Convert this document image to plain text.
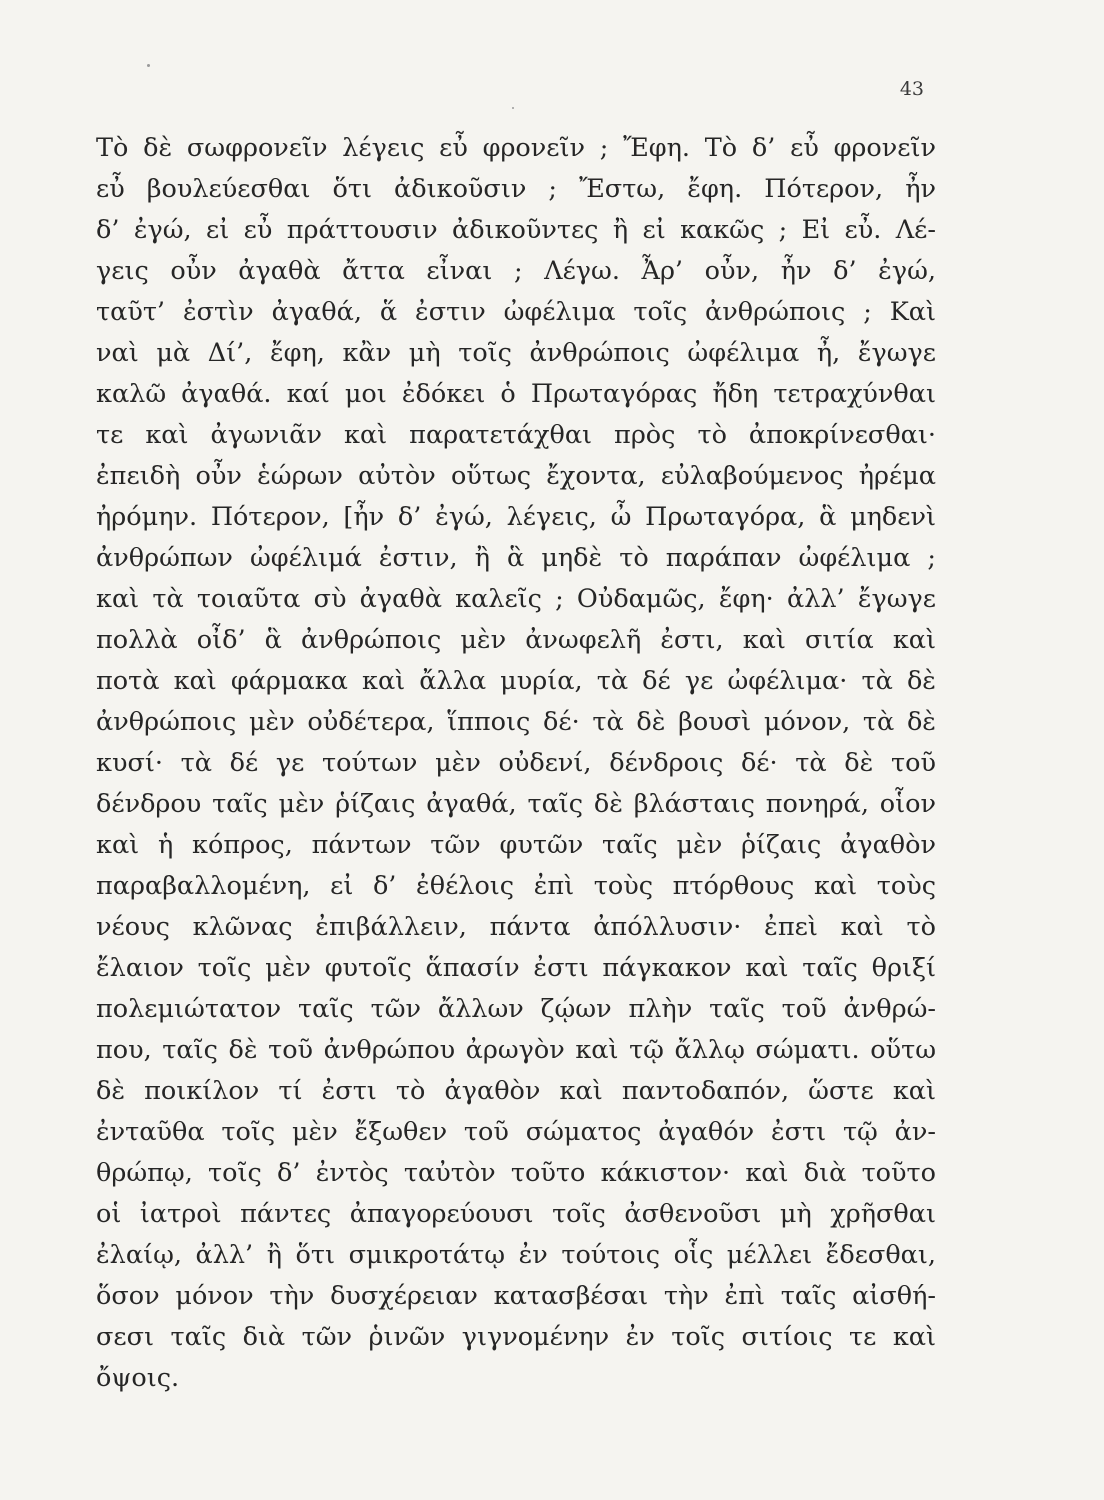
43
Τὸ δὲ σωφρονεῖν λέγεις εὖ φρονεῖν ; Ἔφη. Τὸ δ’ εὖ φρονεῖν
εὖ βουλεύεσθαι ὅτι ἀδικοῦσιν ; Ἔστω, ἔφη. Πότερον, ἦν
δ’ ἐγώ, εἰ εὖ πράττουσιν ἀδικοῦντες ἢ εἰ κακῶς ; Εἰ εὖ. Λέ-
γεις οὖν ἀγαθὰ ἄττα εἶναι ; Λέγω. Ἆρ’ οὖν, ἦν δ’ ἐγώ,
ταῦτ’ ἐστὶν ἀγαθά, ἅ ἐστιν ὠφέλιμα τοῖς ἀνθρώποις ; Καὶ
ναὶ μὰ Δί’, ἔφη, κἂν μὴ τοῖς ἀνθρώποις ὠφέλιμα ἦ, ἔγωγε
καλῶ ἀγαθά. καί μοι ἐδόκει ὁ Πρωταγόρας ἤδη τετραχύνθαι
τε καὶ ἀγωνιᾶν καὶ παρατετάχθαι πρὸς τὸ ἀποκρίνεσθαι·
ἐπειδὴ οὖν ἑώρων αὐτὸν οὕτως ἔχοντα, εὐλαβούμενος ἠρέμα
ἠρόμην. Πότερον, [ἦν δ’ ἐγώ, λέγεις, ὦ Πρωταγόρα, ἃ μηδενὶ
ἀνθρώπων ὠφέλιμά ἐστιν, ἢ ἃ μηδὲ τὸ παράπαν ὠφέλιμα ;
καὶ τὰ τοιαῦτα σὺ ἀγαθὰ καλεῖς ; Οὐδαμῶς, ἔφη· ἀλλ’ ἔγωγε
πολλὰ οἶδ’ ἃ ἀνθρώποις μὲν ἀνωφελῆ ἐστι, καὶ σιτία καὶ
ποτὰ καὶ φάρμακα καὶ ἄλλα μυρία, τὰ δέ γε ὠφέλιμα· τὰ δὲ
ἀνθρώποις μὲν οὐδέτερα, ἵπποις δέ· τὰ δὲ βουσὶ μόνον, τὰ δὲ
κυσί· τὰ δέ γε τούτων μὲν οὐδενί, δένδροις δέ· τὰ δὲ τοῦ
δένδρου ταῖς μὲν ῥίζαις ἀγαθά, ταῖς δὲ βλάσταις πονηρά, οἷον
καὶ ἡ κόπρος, πάντων τῶν φυτῶν ταῖς μὲν ῥίζαις ἀγαθὸν
παραβαλλομένη, εἰ δ’ ἐθέλοις ἐπὶ τοὺς πτόρθους καὶ τοὺς
νέους κλῶνας ἐπιβάλλειν, πάντα ἀπόλλυσιν· ἐπεὶ καὶ τὸ
ἔλαιον τοῖς μὲν φυτοῖς ἅπασίν ἐστι πάγκακον καὶ ταῖς θριξί
πολεμιώτατον ταῖς τῶν ἄλλων ζῴων πλὴν ταῖς τοῦ ἀνθρώ-
που, ταῖς δὲ τοῦ ἀνθρώπου ἀρωγὸν καὶ τῷ ἄλλῳ σώματι. οὕτω
δὲ ποικίλον τί ἐστι τὸ ἀγαθὸν καὶ παντοδαπόν, ὥστε καὶ
ἐνταῦθα τοῖς μὲν ἔξωθεν τοῦ σώματος ἀγαθόν ἐστι τῷ ἀν-
θρώπῳ, τοῖς δ’ ἐντὸς ταὐτὸν τοῦτο κάκιστον· καὶ διὰ τοῦτο
οἱ ἰατροὶ πάντες ἀπαγορεύουσι τοῖς ἀσθενοῦσι μὴ χρῆσθαι
ἐλαίῳ, ἀλλ’ ἢ ὅτι σμικροτάτῳ ἐν τούτοις οἷς μέλλει ἔδεσθαι,
ὅσον μόνον τὴν δυσχέρειαν κατασβέσαι τὴν ἐπὶ ταῖς αἰσθή-
σεσι ταῖς διὰ τῶν ῥινῶν γιγνομένην ἐν τοῖς σιτίοις τε καὶ
ὄψοις.
